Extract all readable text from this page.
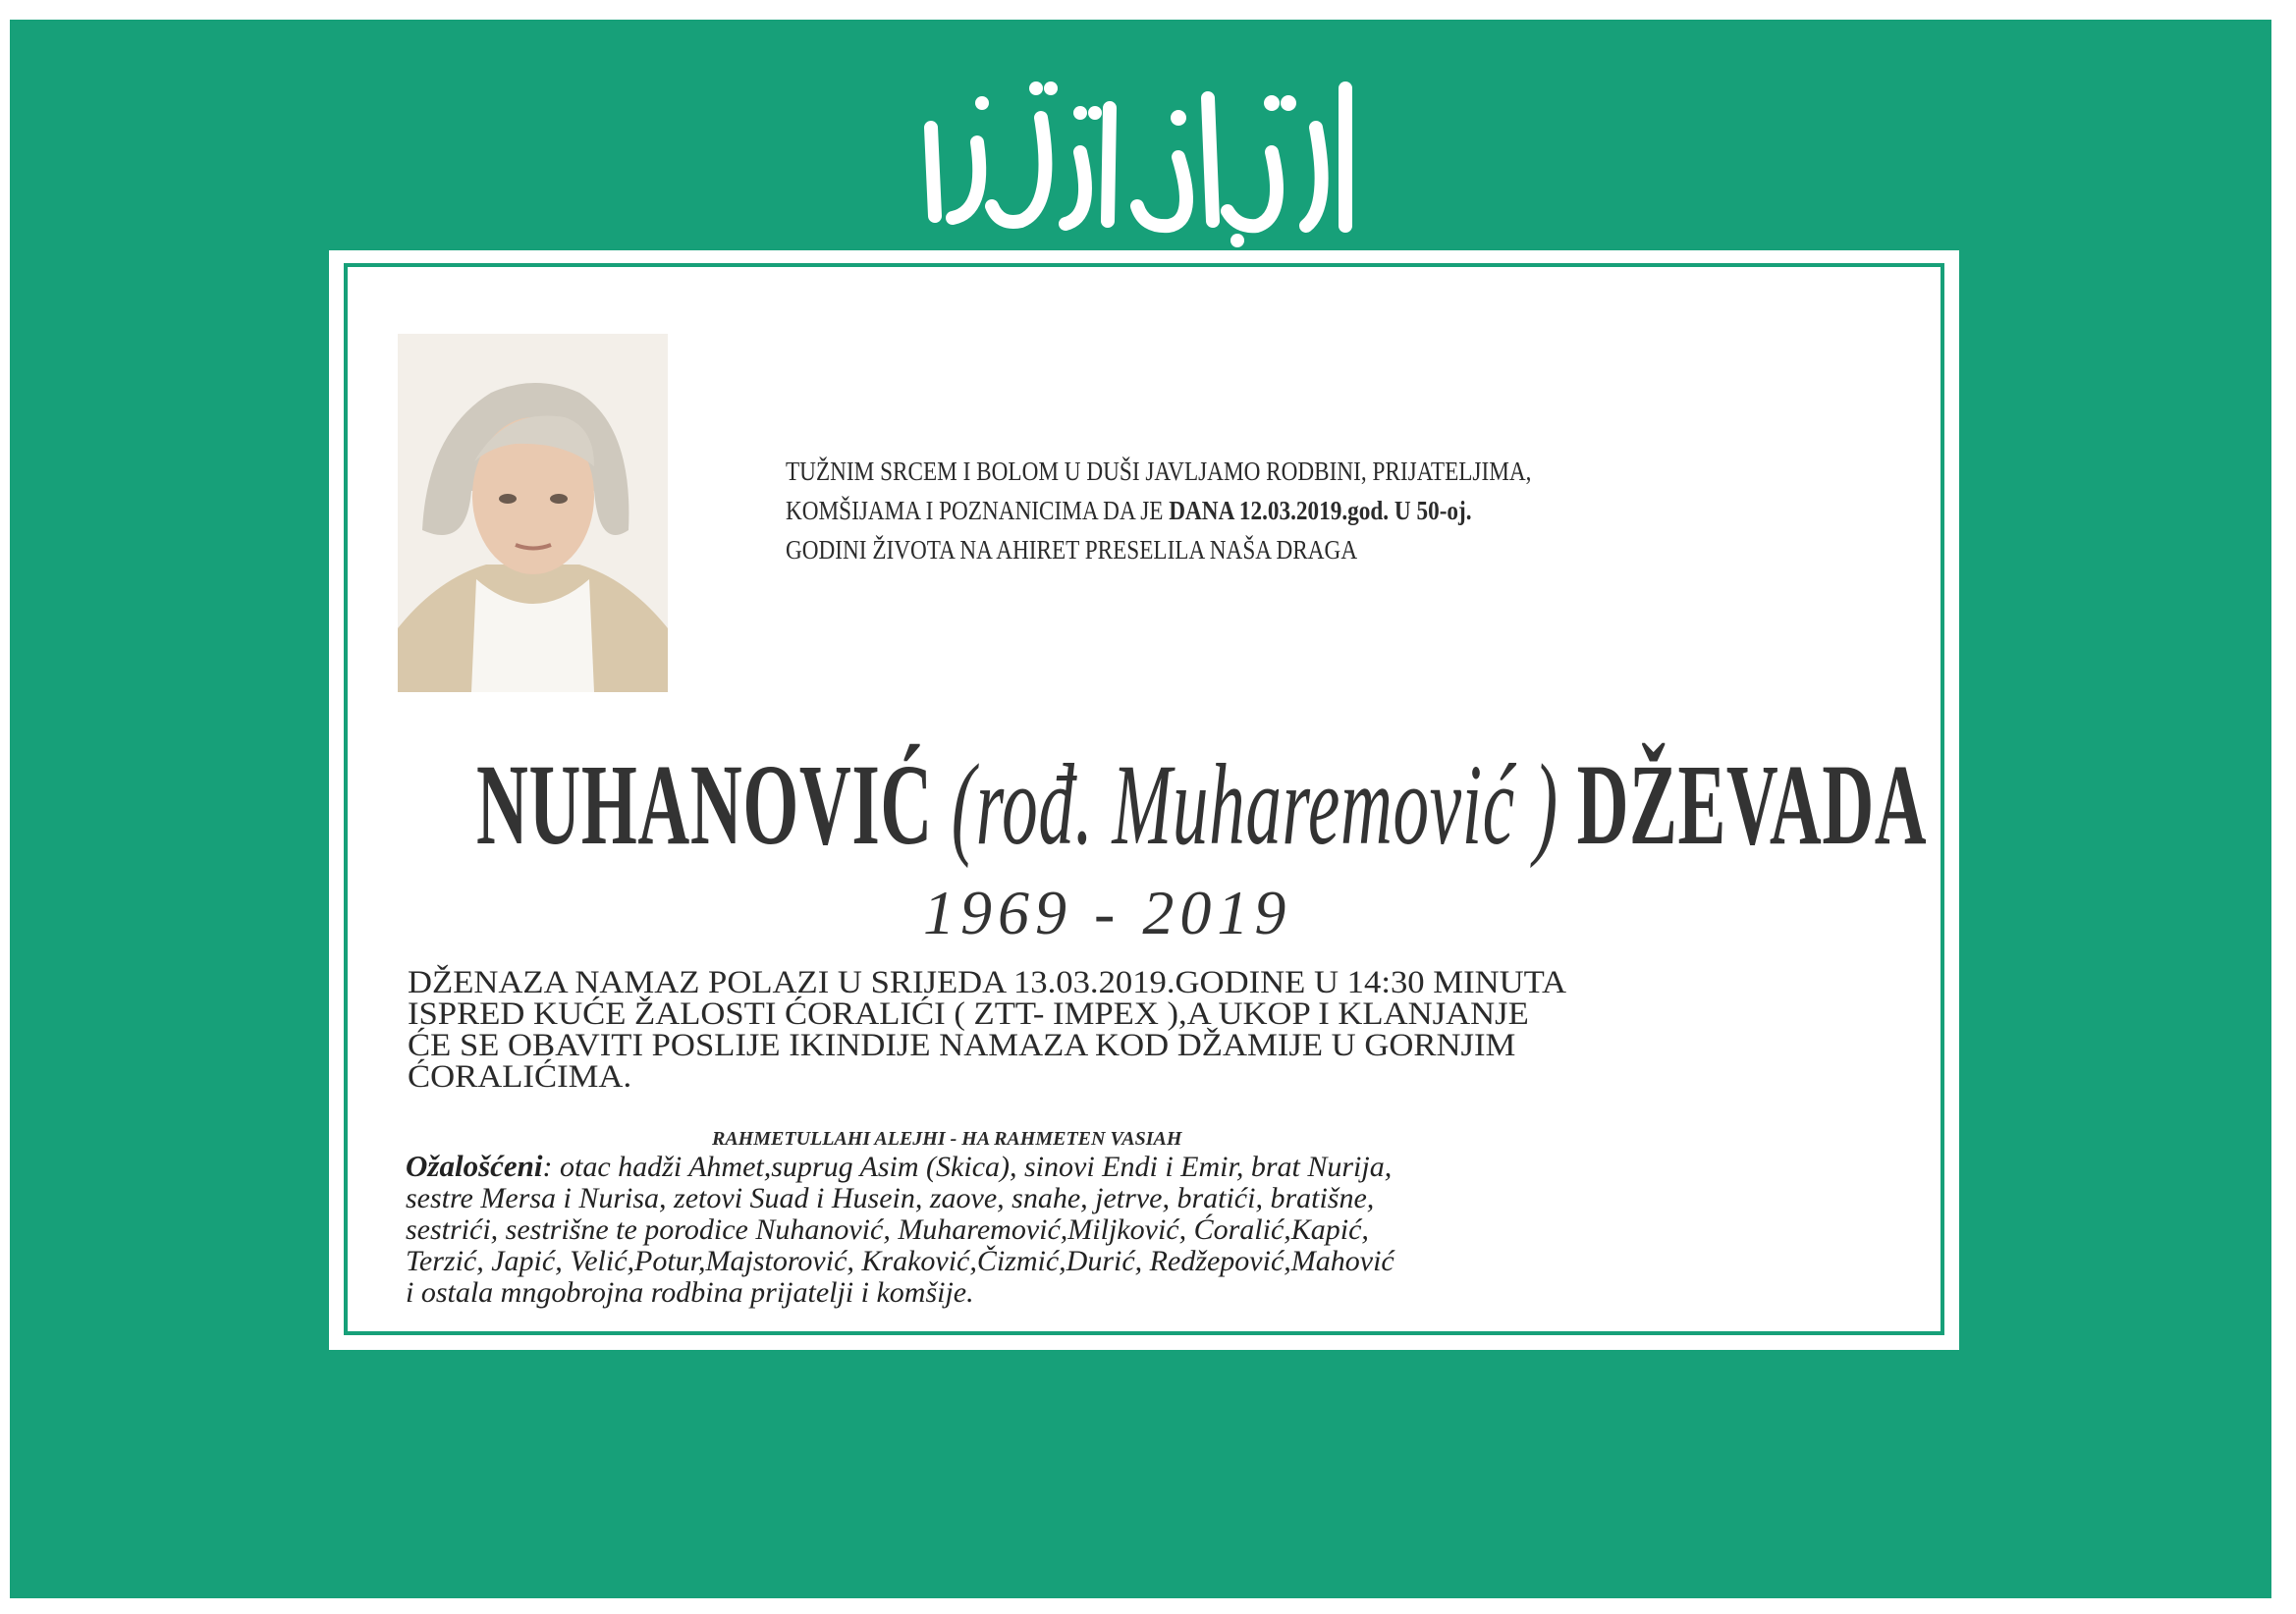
TUŽNIM SRCEM I BOLOM U DUŠI JAVLJAMO RODBINI, PRIJATELJIMA,
KOMŠIJAMA I POZNANICIMA DA JE DANA 12.03.2019.god. U 50-oj.
GODINI ŽIVOTA NA AHIRET PRESELILA NAŠA DRAGA
NUHANOVIĆ (rođ. Muharemović ) DŽEVADA
1969 - 2019
DŽENAZA NAMAZ POLAZI U SRIJEDA 13.03.2019.GODINE U 14:30 MINUTA
ISPRED KUĆE ŽALOSTI ĆORALIĆI ( ZTT- IMPEX ),A UKOP I KLANJANJE
ĆE SE OBAVITI POSLIJE IKINDIJE NAMAZA KOD DŽAMIJE U GORNJIM
ĆORALIĆIMA.
RAHMETULLAHI ALEJHI - HA RAHMETEN VASIAH
Ožalošćeni: otac hadži Ahmet,suprug Asim (Skica), sinovi Endi i Emir, brat Nurija,
sestre Mersa i Nurisa, zetovi Suad i Husein, zaove, snahe, jetrve, bratići, bratišne,
sestrići, sestrišne te porodice Nuhanović, Muharemović,Miljković, Ćoralić,Kapić,
Terzić, Japić, Velić,Potur,Majstorović, Kraković,Čizmić,Durić, Redžepović,Mahović
i ostala mngobrojna rodbina prijatelji i komšije.
